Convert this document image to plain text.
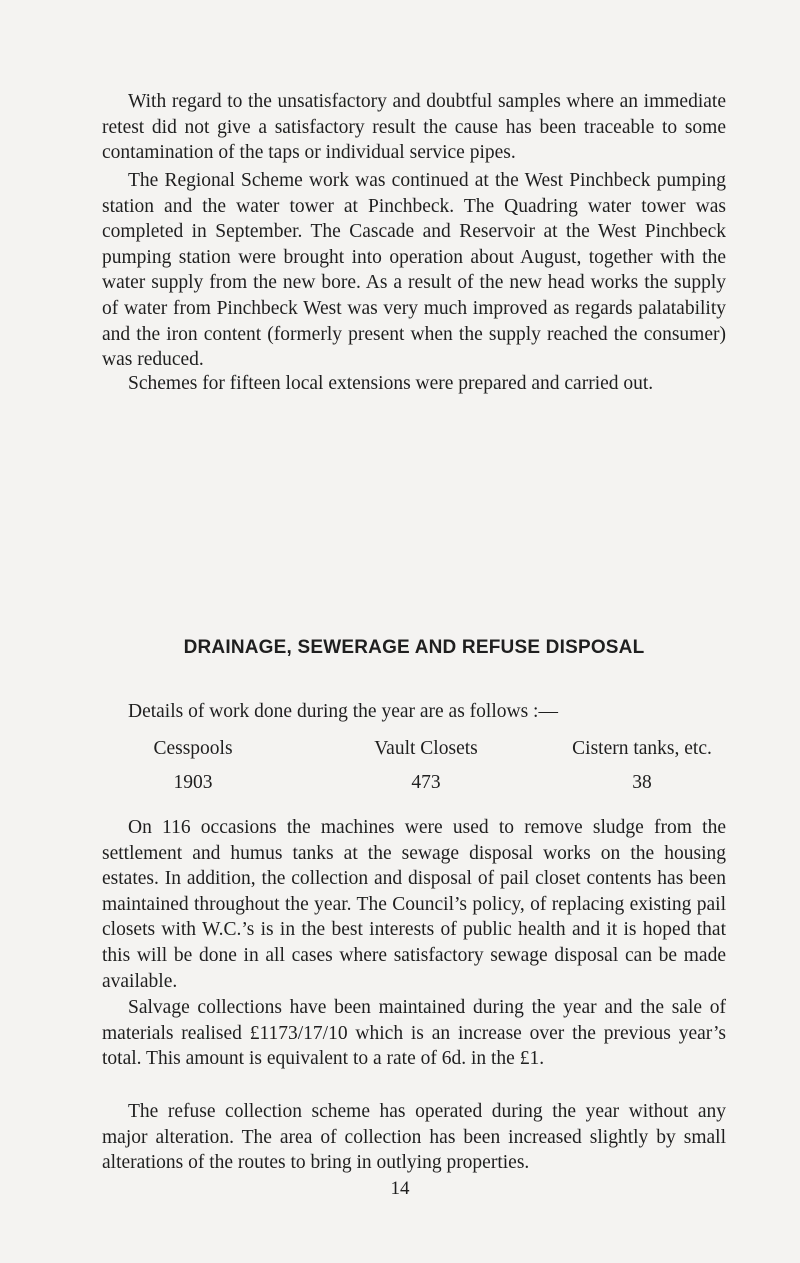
With regard to the unsatisfactory and doubtful samples where an immediate retest did not give a satisfactory result the cause has been traceable to some contamination of the taps or individual service pipes.

The Regional Scheme work was continued at the West Pinchbeck pumping station and the water tower at Pinchbeck. The Quadring water tower was completed in September. The Cascade and Reservoir at the West Pinchbeck pumping station were brought into operation about August, together with the water supply from the new bore. As a result of the new head works the supply of water from Pinchbeck West was very much improved as regards palatability and the iron content (formerly present when the supply reached the consumer) was reduced.

Schemes for fifteen local extensions were prepared and carried out.

DRAINAGE, SEWERAGE AND REFUSE DISPOSAL

Details of work done during the year are as follows :—

Cesspools	Vault Closets	Cistern tanks, etc.
1903	473	38

On 116 occasions the machines were used to remove sludge from the settlement and humus tanks at the sewage disposal works on the housing estates. In addition, the collection and disposal of pail closet contents has been maintained throughout the year. The Council’s policy, of replacing existing pail closets with W.C.’s is in the best interests of public health and it is hoped that this will be done in all cases where satisfactory sewage disposal can be made available.

Salvage collections have been maintained during the year and the sale of materials realised £1173/17/10 which is an increase over the previous year’s total. This amount is equivalent to a rate of 6d. in the £1.

The refuse collection scheme has operated during the year without any major alteration. The area of collection has been increased slightly by small alterations of the routes to bring in outlying properties.

14
